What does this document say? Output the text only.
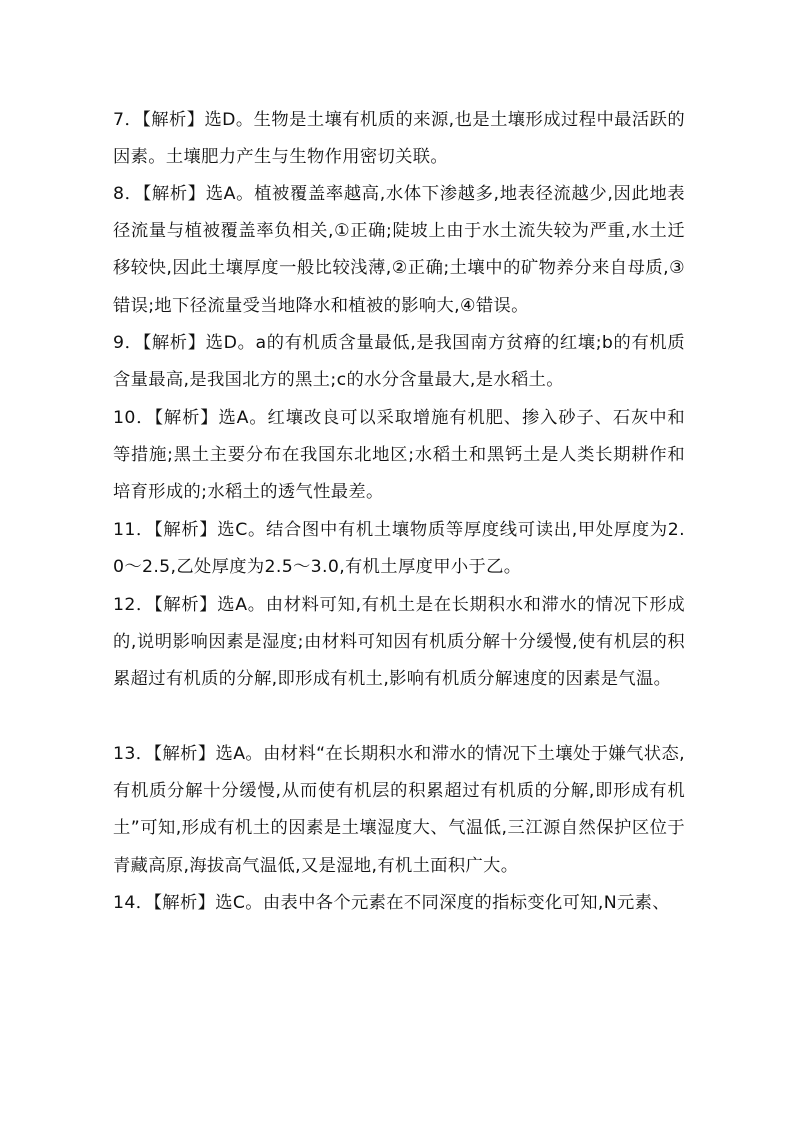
7．【解析】选D。生物是土壤有机质的来源,也是土壤形成过程中最活跃的因素。土壤肥力产生与生物作用密切关联。

8．【解析】选A。植被覆盖率越高,水体下渗越多,地表径流越少,因此地表径流量与植被覆盖率负相关,①正确;陡坡上由于水土流失较为严重,水土迁移较快,因此土壤厚度一般比较浅薄,②正确;土壤中的矿物养分来自母质,③错误;地下径流量受当地降水和植被的影响大,④错误。

9．【解析】选D。a的有机质含量最低,是我国南方贫瘠的红壤;b的有机质含量最高,是我国北方的黑土;c的水分含量最大,是水稻土。

10．【解析】选A。红壤改良可以采取增施有机肥、掺入砂子、石灰中和等措施;黑土主要分布在我国东北地区;水稻土和黑钙土是人类长期耕作和培育形成的;水稻土的透气性最差。

11．【解析】选C。结合图中有机土壤物质等厚度线可读出,甲处厚度为2.0～2.5,乙处厚度为2.5～3.0,有机土厚度甲小于乙。

12．【解析】选A。由材料可知,有机土是在长期积水和滞水的情况下形成的,说明影响因素是湿度;由材料可知因有机质分解十分缓慢,使有机层的积累超过有机质的分解,即形成有机土,影响有机质分解速度的因素是气温。

13．【解析】选A。由材料“在长期积水和滞水的情况下土壤处于嫌气状态,有机质分解十分缓慢,从而使有机层的积累超过有机质的分解,即形成有机土”可知,形成有机土的因素是土壤湿度大、气温低,三江源自然保护区位于青藏高原,海拔高气温低,又是湿地,有机土面积广大。

14．【解析】选C。由表中各个元素在不同深度的指标变化可知,N元素、
